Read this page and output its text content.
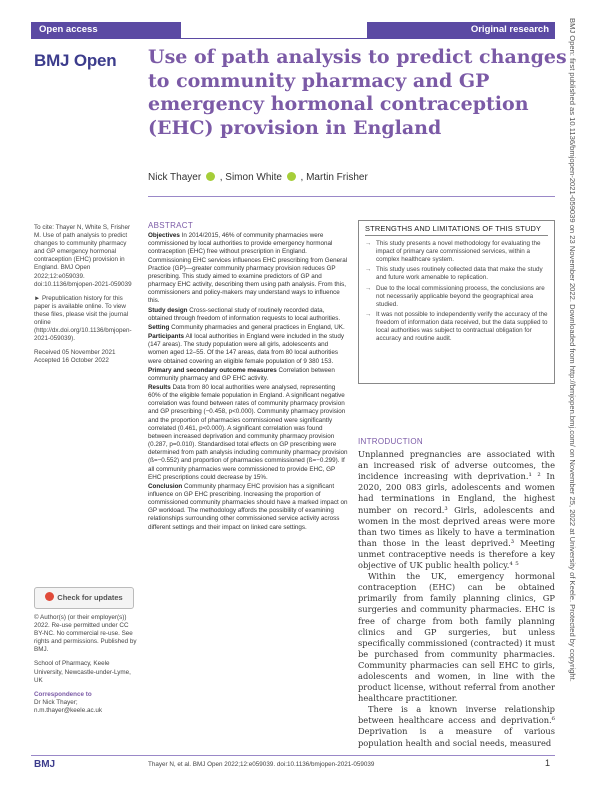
Open access	Original research
BMJ Open Use of path analysis to predict changes
to community pharmacy and GP
emergency hormonal contraception
(EHC) provision in England
Nick Thayer , Simon White , Martin Frisher

To cite: Thayer N, White S, Frisher M. Use of path analysis to predict changes to community pharmacy and GP emergency hormonal contraception (EHC) provision in England. BMJ Open 2022;12:e059039. doi:10.1136/bmjopen-2021-059039

► Prepublication history for this paper is available online. To view these files, please visit the journal online (http://dx.doi.org/10.1136/bmjopen-2021-059039).

Received 05 November 2021

Accepted 16 October 2022

Check for updates

© Author(s) (or their employer(s)) 2022. Re-use permitted under CC BY-NC. No commercial re-use. See rights and permissions. Published by BMJ.

School of Pharmacy, Keele University, Newcastle-under-Lyme, UK

Correspondence to

Dr Nick Thayer; n.m.thayer@keele.ac.uk

ABSTRACT

Objectives In 2014/2015, 46% of community pharmacies were commissioned by local authorities to provide emergency hormonal contraception (EHC) free without prescription in England. Commissioning EHC services influences EHC prescribing from General Practice (GP)—greater community pharmacy provision reduces GP prescribing. This study aimed to examine predictors of GP and pharmacy EHC activity, describing them using path analysis. From this, commissioners and policy-makers may understand ways to influence this.

Study design Cross-sectional study of routinely recorded data, obtained through freedom of information requests to local authorities.

Setting Community pharmacies and general practices in England, UK.

Participants All local authorities in England were included in the study (147 areas). The study population were all girls, adolescents and women aged 12–55. Of the 147 areas, data from 80 local authorities were obtained covering an eligible female population of 9 380 153.

Primary and secondary outcome measures Correlation between community pharmacy and GP EHC activity.

Results Data from 80 local authorities were analysed, representing 60% of the eligible female population in England. A significant negative correlation was found between rates of community pharmacy provision and GP prescribing (−0.458, p<0.000). Community pharmacy provision and the proportion of pharmacies commissioned were significantly correlated (0.461, p<0.000). A significant correlation was found between increased deprivation and community pharmacy provision (0.287, p=0.010). Standardised total effects on GP prescribing were determined from path analysis including community pharmacy provision (ß=−0.552) and proportion of pharmacies commissioned (ß=−0.299). If all community pharmacies were commissioned to provide EHC, GP EHC prescriptions could decrease by 15%.

Conclusion Community pharmacy EHC provision has a significant influence on GP EHC prescribing. Increasing the proportion of commissioned community pharmacies should have a marked impact on GP workload. The methodology affords the possibility of examining relationships surrounding other commissioned service activity across different settings and their impact on linked care settings.

STRENGTHS AND LIMITATIONS OF THIS STUDY
→ This study presents a novel methodology for evaluating the impact of primary care commissioned services, within a complex healthcare system.
→ This study uses routinely collected data that make the study and future work amenable to replication.
→ Due to the local commissioning process, the conclusions are not necessarily applicable beyond the geographical area studied.
→ It was not possible to independently verify the accuracy of the freedom of information data received, but the data supplied to local authorities was subject to contractual obligation for accuracy and routine audit.
INTRODUCTION

Unplanned pregnancies are associated with an increased risk of adverse outcomes, the incidence increasing with deprivation.¹ ² In 2020, 200 083 girls, adolescents and women had terminations in England, the highest number on record.³ Girls, adolescents and women in the most deprived areas were more than two times as likely to have a termination than those in the least deprived.³ Meeting unmet contraceptive needs is therefore a key objective of UK public health policy.⁴ ⁵

Within the UK, emergency hormonal contraception (EHC) can be obtained primarily from family planning clinics, GP surgeries and community pharmacies. EHC is free of charge from both family planning clinics and GP surgeries, but unless specifically commissioned (contracted) it must be purchased from community pharmacies. Community pharmacies can sell EHC to girls, adolescents and women, in line with the product license, without referral from another healthcare practitioner.

There is a known inverse relationship between healthcare access and deprivation.⁶ Deprivation is a measure of various population health and social needs, measured

BMJ	Thayer N, et al. BMJ Open 2022;12:e059039. doi:10.1136/bmjopen-2021-059039	1
BMJ Open: first published as 10.1136/bmjopen-2021-059039 on 23 November 2022. Downloaded from http://bmjopen.bmj.com/ on November 25, 2022 at University of Keele. Protected by copyright.
